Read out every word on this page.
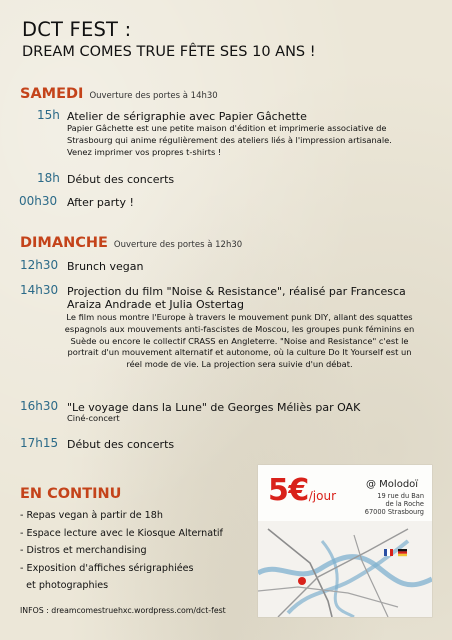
DCT FEST :
DREAM COMES TRUE FÊTE SES 10 ANS !
SAMEDI Ouverture des portes à 14h30
15h Atelier de sérigraphie avec Papier Gâchette
Papier Gâchette est une petite maison d'édition et imprimerie associative de Strasbourg qui anime régulièrement des ateliers liés à l'impression artisanale. Venez imprimer vos propres t-shirts !
18h Début des concerts
00h30 After party !
DIMANCHE Ouverture des portes à 12h30
12h30 Brunch vegan
14h30 Projection du film "Noise & Resistance", réalisé par Francesca
Araiza Andrade et Julia Ostertag
Le film nous montre l'Europe à travers le mouvement punk DIY, allant des squattes espagnols aux mouvements anti-fascistes de Moscou, les groupes punk féminins en Suède ou encore le collectif CRASS en Angleterre. "Noise and Resistance" c'est le portrait d'un mouvement alternatif et autonome, où la culture Do It Yourself est un réel mode de vie. La projection sera suivie d'un débat.
16h30 "Le voyage dans la Lune" de Georges Méliès par OAK
Ciné-concert
17h15 Début des concerts
EN CONTINU
- Repas vegan à partir de 18h
- Espace lecture avec le Kiosque Alternatif
- Distros et merchandising
- Exposition d'affiches sérigraphiées
et photographies
INFOS : dreamcomestruehxc.wordpress.com/dct-fest
5€/jour
@ Molodoï
19 rue du Ban
de la Roche
67000 Strasbourg
